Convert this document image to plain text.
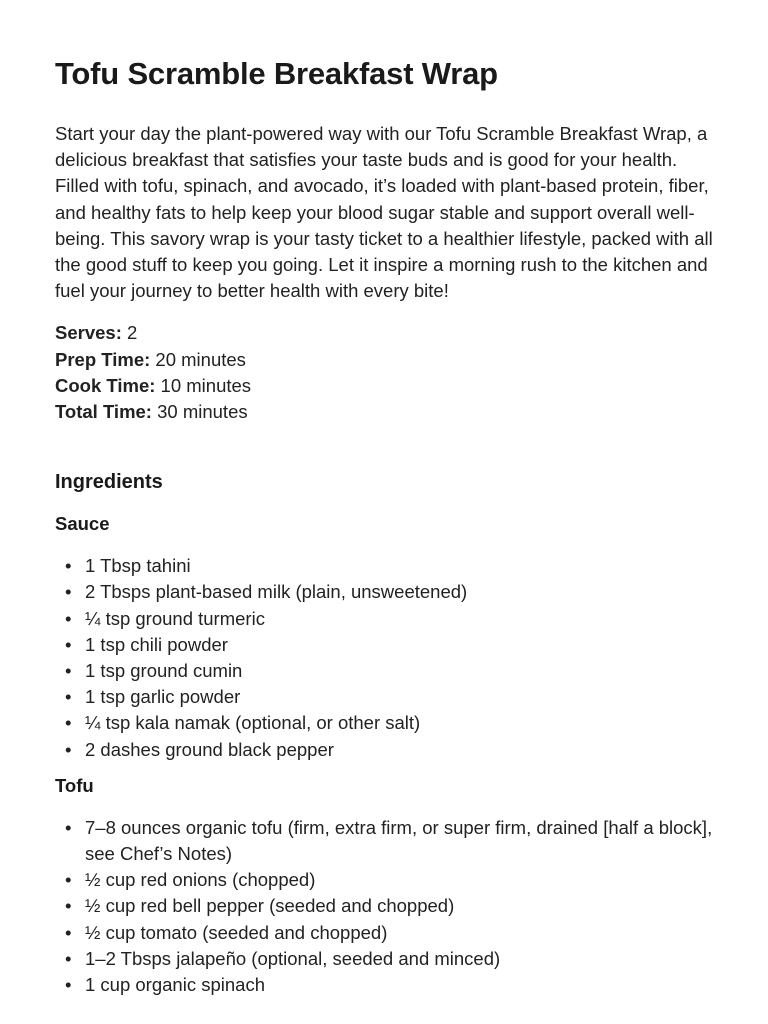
Tofu Scramble Breakfast Wrap

Start your day the plant-powered way with our Tofu Scramble Breakfast Wrap, a delicious breakfast that satisfies your taste buds and is good for your health. Filled with tofu, spinach, and avocado, it’s loaded with plant-based protein, fiber, and healthy fats to help keep your blood sugar stable and support overall well-being. This savory wrap is your tasty ticket to a healthier lifestyle, packed with all the good stuff to keep you going. Let it inspire a morning rush to the kitchen and fuel your journey to better health with every bite!

Serves: 2
Prep Time: 20 minutes
Cook Time: 10 minutes
Total Time: 30 minutes
Ingredients
Sauce
• 1 Tbsp tahini
• 2 Tbsps plant-based milk (plain, unsweetened)
• ¼ tsp ground turmeric
• 1 tsp chili powder
• 1 tsp ground cumin
• 1 tsp garlic powder
• ¼ tsp kala namak (optional, or other salt)
• 2 dashes ground black pepper
Tofu
• 7–8 ounces organic tofu (firm, extra firm, or super firm, drained [half a block], see Chef’s Notes)
• ½ cup red onions (chopped)
• ½ cup red bell pepper (seeded and chopped)
• ½ cup tomato (seeded and chopped)
• 1–2 Tbsps jalapeño (optional, seeded and minced)
• 1 cup organic spinach
